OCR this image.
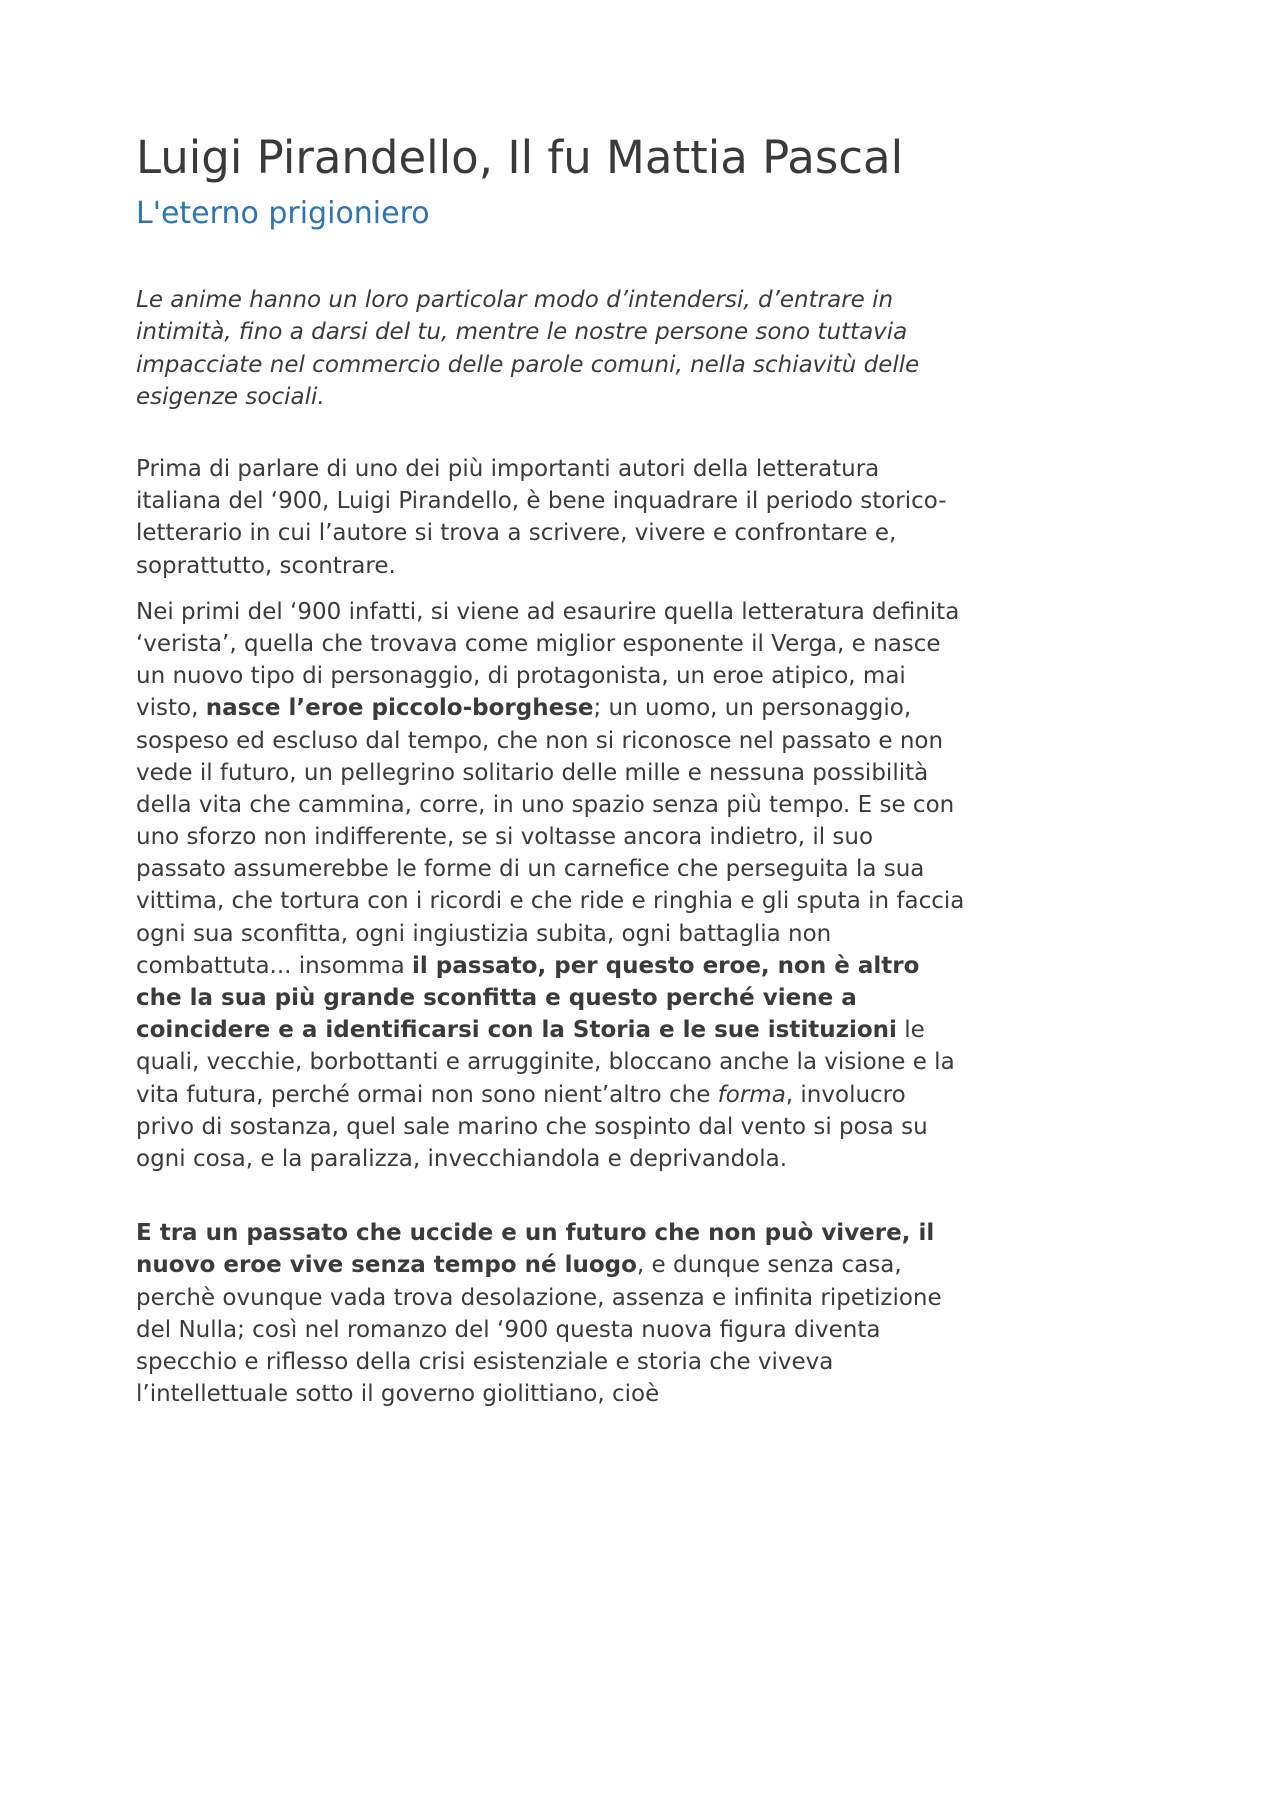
Luigi Pirandello, Il fu Mattia Pascal
L'eterno prigioniero

Le anime hanno un loro particolar modo d’intendersi, d’entrare in intimità, fino a darsi del tu, mentre le nostre persone sono tuttavia impacciate nel commercio delle parole comuni, nella schiavitù delle esigenze sociali.

Prima di parlare di uno dei più importanti autori della letteratura italiana del ‘900, Luigi Pirandello, è bene inquadrare il periodo storico-letterario in cui l’autore si trova a scrivere, vivere e confrontare e, soprattutto, scontrare.

Nei primi del ‘900 infatti, si viene ad esaurire quella letteratura definita ‘verista’, quella che trovava come miglior esponente il Verga, e nasce un nuovo tipo di personaggio, di protagonista, un eroe atipico, mai visto, nasce l’eroe piccolo-borghese; un uomo, un personaggio, sospeso ed escluso dal tempo, che non si riconosce nel passato e non vede il futuro, un pellegrino solitario delle mille e nessuna possibilità della vita che cammina, corre, in uno spazio senza più tempo. E se con uno sforzo non indifferente, se si voltasse ancora indietro, il suo passato assumerebbe le forme di un carnefice che perseguita la sua vittima, che tortura con i ricordi e che ride e ringhia e gli sputa in faccia ogni sua sconfitta, ogni ingiustizia subita, ogni battaglia non combattuta... insomma il passato, per questo eroe, non è altro che la sua più grande sconfitta e questo perché viene a coincidere e a identificarsi con la Storia e le sue istituzioni le quali, vecchie, borbottanti e arrugginite, bloccano anche la visione e la vita futura, perché ormai non sono nient’altro che forma, involucro privo di sostanza, quel sale marino che sospinto dal vento si posa su ogni cosa, e la paralizza, invecchiandola e deprivandola.

E tra un passato che uccide e un futuro che non può vivere, il nuovo eroe vive senza tempo né luogo, e dunque senza casa, perchè ovunque vada trova desolazione, assenza e infinita ripetizione del Nulla; così nel romanzo del ‘900 questa nuova figura diventa specchio e riflesso della crisi esistenziale e storia che viveva l’intellettuale sotto il governo giolittiano, cioè
